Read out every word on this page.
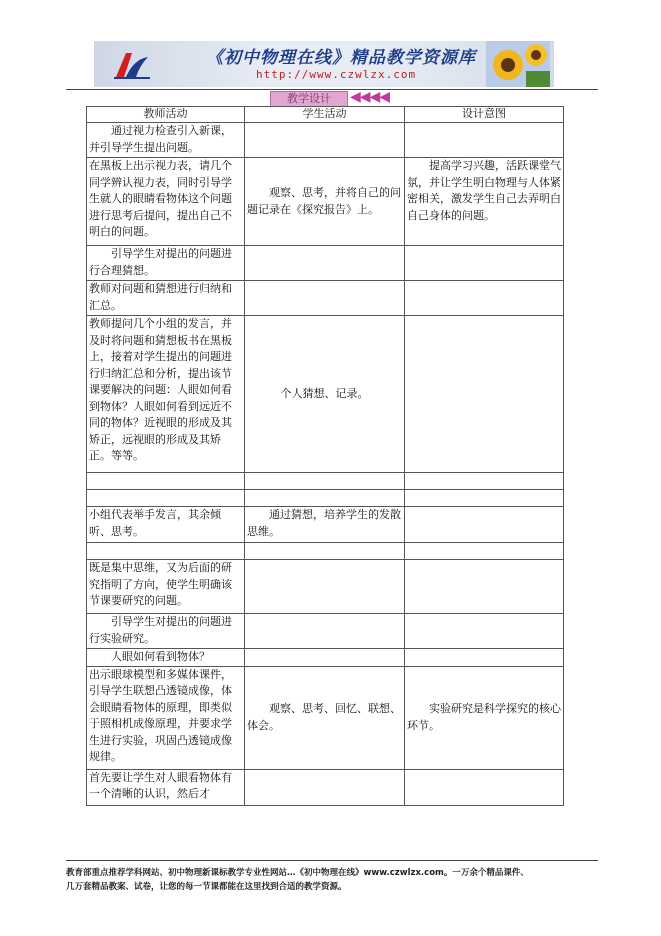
《初中物理在线》精品教学资源库
http://www.czwlzx.com
教学设计	◀◀◀◀
教师活动	学生活动	设计意图
通过视力检查引入新课，并引导学生提出问题。		
在黑板上出示视力表，请几个同学辨认视力表，同时引导学生就人的眼睛看物体这个问题进行思考后提问，提出自己不明白的问题。	观察、思考，并将自己的问题记录在《探究报告》上。	提高学习兴趣，活跃课堂气氛，并让学生明白物理与人体紧密相关，激发学生自己去弄明白自己身体的问题。
引导学生对提出的问题进行合理猜想。		
教师对问题和猜想进行归纳和汇总。		
教师提问几个小组的发言，并及时将问题和猜想板书在黑板上，接着对学生提出的问题进行归纳汇总和分析，提出该节课要解决的问题：人眼如何看到物体？人眼如何看到远近不同的物体？近视眼的形成及其矫正，远视眼的形成及其矫正。等等。	个人猜想、记录。	

小组代表举手发言，其余倾听、思考。	通过猜想，培养学生的发散思维。	

既是集中思维，又为后面的研究指明了方向，使学生明确该节课要研究的问题。		
引导学生对提出的问题进行实验研究。		
人眼如何看到物体？		
出示眼球模型和多媒体课件，引导学生联想凸透镜成像，体会眼睛看物体的原理，即类似于照相机成像原理，并要求学生进行实验，巩固凸透镜成像规律。	观察、思考、回忆、联想、体会。	实验研究是科学探究的核心环节。
首先要让学生对人眼看物体有一个清晰的认识，然后才		
教育部重点推荐学科网站、初中物理新课标教学专业性网站…《初中物理在线》www.czwlzx.com。一万余个精品课件、
几万套精品教案、试卷，让您的每一节课都能在这里找到合适的教学资源。
